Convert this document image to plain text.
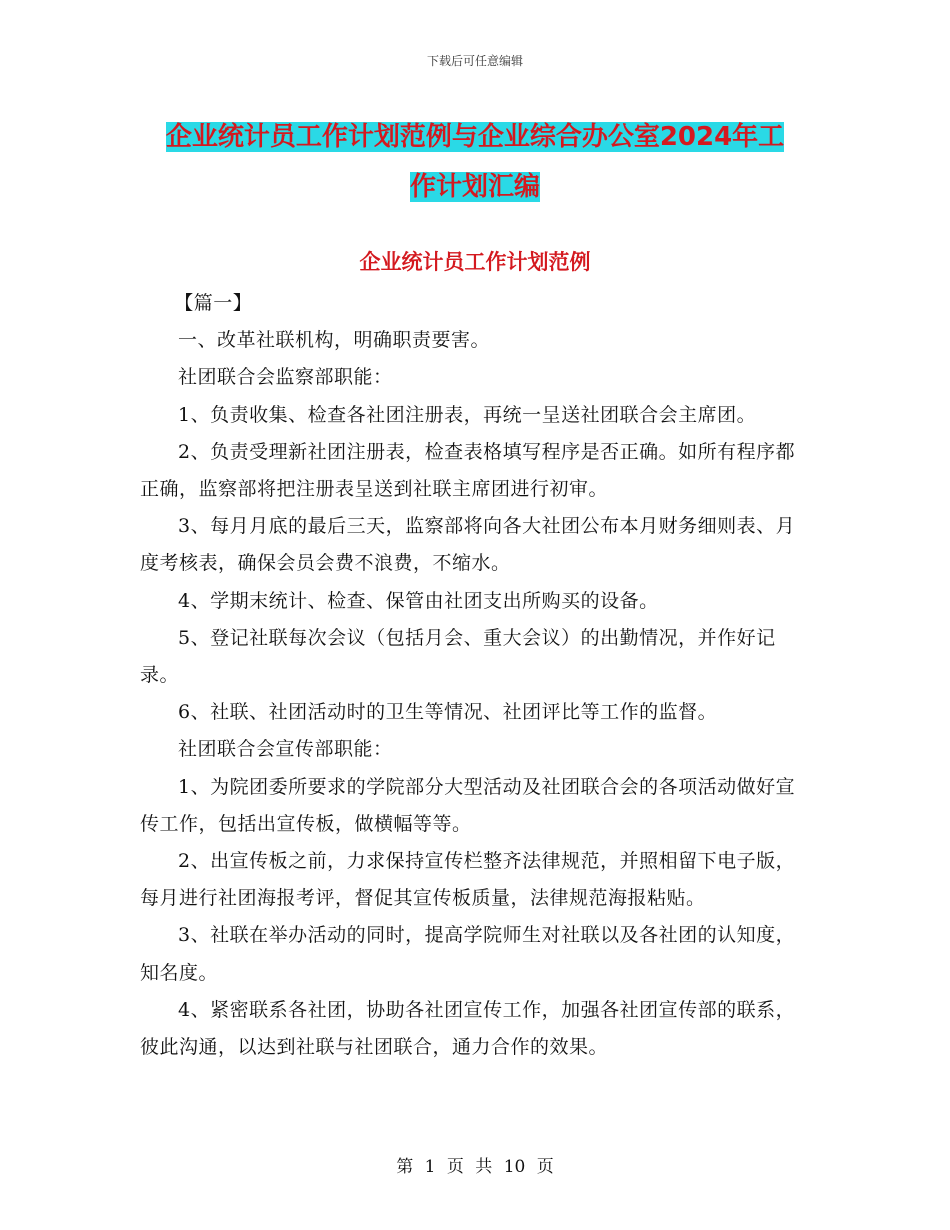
下载后可任意编辑
企业统计员工作计划范例与企业综合办公室2024年工
作计划汇编
企业统计员工作计划范例

【篇一】

一、改革社联机构，明确职责要害。

社团联合会监察部职能：

1、负责收集、检查各社团注册表，再统一呈送社团联合会主席团。

2、负责受理新社团注册表，检查表格填写程序是否正确。如所有程序都正确，监察部将把注册表呈送到社联主席团进行初审。

3、每月月底的最后三天，监察部将向各大社团公布本月财务细则表、月度考核表，确保会员会费不浪费，不缩水。

4、学期末统计、检查、保管由社团支出所购买的设备。

5、登记社联每次会议（包括月会、重大会议）的出勤情况，并作好记录。

6、社联、社团活动时的卫生等情况、社团评比等工作的监督。

社团联合会宣传部职能：

1、为院团委所要求的学院部分大型活动及社团联合会的各项活动做好宣传工作，包括出宣传板，做横幅等等。

2、出宣传板之前，力求保持宣传栏整齐法律规范，并照相留下电子版，每月进行社团海报考评，督促其宣传板质量，法律规范海报粘贴。

3、社联在举办活动的同时，提高学院师生对社联以及各社团的认知度，知名度。

4、紧密联系各社团，协助各社团宣传工作，加强各社团宣传部的联系，彼此沟通，以达到社联与社团联合，通力合作的效果。

第 1 页 共 10 页
